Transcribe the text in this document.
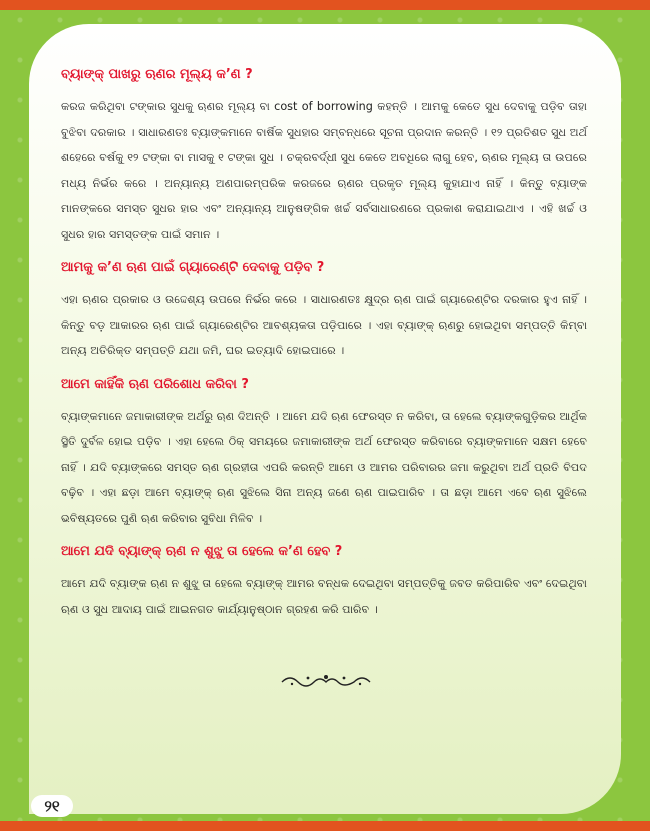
ବ୍ୟାଙ୍କ୍ ପାଖରୁ ଋଣର ମୂଲ୍ୟ କ’ଣ ?

କରଜ କରିଥିବା ଟଙ୍କାର ସୁଧକୁ ଋଣର ମୂଲ୍ୟ ବା cost of borrowing କହନ୍ତି । ଆମକୁ କେତେ ସୁଧ ଦେବାକୁ ପଡ଼ିବ ତାହା ବୁଝିବା ଦରକାର । ସାଧାରଣତଃ ବ୍ୟାଙ୍କମାନେ ବାର୍ଷିକ ସୁଧହାର ସମ୍ବନ୍ଧରେ ସୂଚନା ପ୍ରଦାନ କରନ୍ତି । ୧୨ ପ୍ରତିଶତ ସୁଧ ଅର୍ଥ ଶହେରେ ବର୍ଷକୁ ୧୨ ଟଙ୍କା ବା ମାସକୁ ୧ ଟଙ୍କା ସୁଧ । ଚକ୍ରବର୍ଦ୍ଧୀ ସୁଧ କେତେ ଅବଧିରେ ଲାଗୁ ହେବ, ଋଣର ମୂଲ୍ୟ ତା ଉପରେ ମଧ୍ୟ ନିର୍ଭର କରେ । ଅନ୍ୟାନ୍ୟ ଅଣପାରମ୍ପରିକ କରଜରେ ଋଣର ପ୍ରକୃତ ମୂଲ୍ୟ କୁହାଯାଏ ନାହିଁ । କିନ୍ତୁ ବ୍ୟାଙ୍କ ମାନଙ୍କରେ ସମସ୍ତ ସୁଧର ହାର ଏବଂ ଅନ୍ୟାନ୍ୟ ଆନୁଷଙ୍ଗିକ ଖର୍ଚ୍ଚ ସର୍ବସାଧାରଣରେ ପ୍ରକାଶ କରାଯାଇଥାଏ । ଏହି ଖର୍ଚ୍ଚ ଓ ସୁଧର ହାର ସମସ୍ତଙ୍କ ପାଇଁ ସମାନ ।

ଆମକୁ କ’ଣ ଋଣ ପାଇଁ ଗ୍ୟାରେଣ୍ଟି ଦେବାକୁ ପଡ଼ିବ ?

ଏହା ଋଣର ପ୍ରକାର ଓ ଉଦ୍ଦେଶ୍ୟ ଉପରେ ନିର୍ଭର କରେ । ସାଧାରଣତଃ କ୍ଷୁଦ୍ର ଋଣ ପାଇଁ ଗ୍ୟାରେଣ୍ଟିର ଦରକାର ହୁଏ ନାହିଁ । କିନ୍ତୁ ବଡ଼ ଆକାରର ଋଣ ପାଇଁ ଗ୍ୟାରେଣ୍ଟିର ଆବଶ୍ୟକତା ପଡ଼ିପାରେ । ଏହା ବ୍ୟାଙ୍କ୍ ଋଣରୁ ହୋଇଥିବା ସମ୍ପତ୍ତି କିମ୍ବା ଅନ୍ୟ ଅତିରିକ୍ତ ସମ୍ପତ୍ତି ଯଥା ଜମି, ଘର ଇତ୍ୟାଦି ହୋଇପାରେ ।

ଆମେ କାହିଁକି ଋଣ ପରିଶୋଧ କରିବା ?

ବ୍ୟାଙ୍କମାନେ ଜମାକାରୀଙ୍କ ଅର୍ଥରୁ ଋଣ ଦିଅନ୍ତି । ଆମେ ଯଦି ଋଣ ଫେରସ୍ତ ନ କରିବା, ତା ହେଲେ ବ୍ୟାଙ୍କଗୁଡ଼ିକର ଆର୍ଥିକ ସ୍ଥିତି ଦୁର୍ବଳ ହୋଇ ପଡ଼ିବ । ଏହା ହେଲେ ଠିକ୍ ସମୟରେ ଜମାକାରୀଙ୍କ ଅର୍ଥ ଫେରସ୍ତ କରିବାରେ ବ୍ୟାଙ୍କମାନେ ସକ୍ଷମ ହେବେ ନାହିଁ । ଯଦି ବ୍ୟାଙ୍କରେ ସମସ୍ତ ଋଣ ଗ୍ରହୀତା ଏପରି କରନ୍ତି ଆମେ ଓ ଆମର ପରିବାରର ଜମା କରୁଥିବା ଅର୍ଥ ପ୍ରତି ବିପଦ ବଢ଼ିବ । ଏହା ଛଡ଼ା ଆମେ ବ୍ୟାଙ୍କ୍ ଋଣ ସୁଝିଲେ ସିନା ଅନ୍ୟ ଜଣେ ଋଣ ପାଇପାରିବ । ତା ଛଡ଼ା ଆମେ ଏବେ ଋଣ ସୁଝିଲେ ଭବିଷ୍ୟତରେ ପୁଣି ଋଣ କରିବାର ସୁବିଧା ମିଳିବ ।

ଆମେ ଯଦି ବ୍ୟାଙ୍କ୍ ଋଣ ନ ଶୁଝୁ ତା ହେଲେ କ’ଣ ହେବ ?

ଆମେ ଯଦି ବ୍ୟାଙ୍କ ଋଣ ନ ଶୁଝୁ ତା ହେଲେ ବ୍ୟାଙ୍କ୍ ଆମର ବନ୍ଧକ ଦେଇଥିବା ସମ୍ପତ୍ତିକୁ ଜବତ କରିପାରିବ ଏବଂ ଦେଇଥିବା ଋଣ ଓ ସୁଧ ଆଦାୟ ପାଇଁ ଆଇନଗତ କାର୍ଯ୍ୟାନୁଷ୍ଠାନ ଗ୍ରହଣ କରି ପାରିବ ।

୨୧
